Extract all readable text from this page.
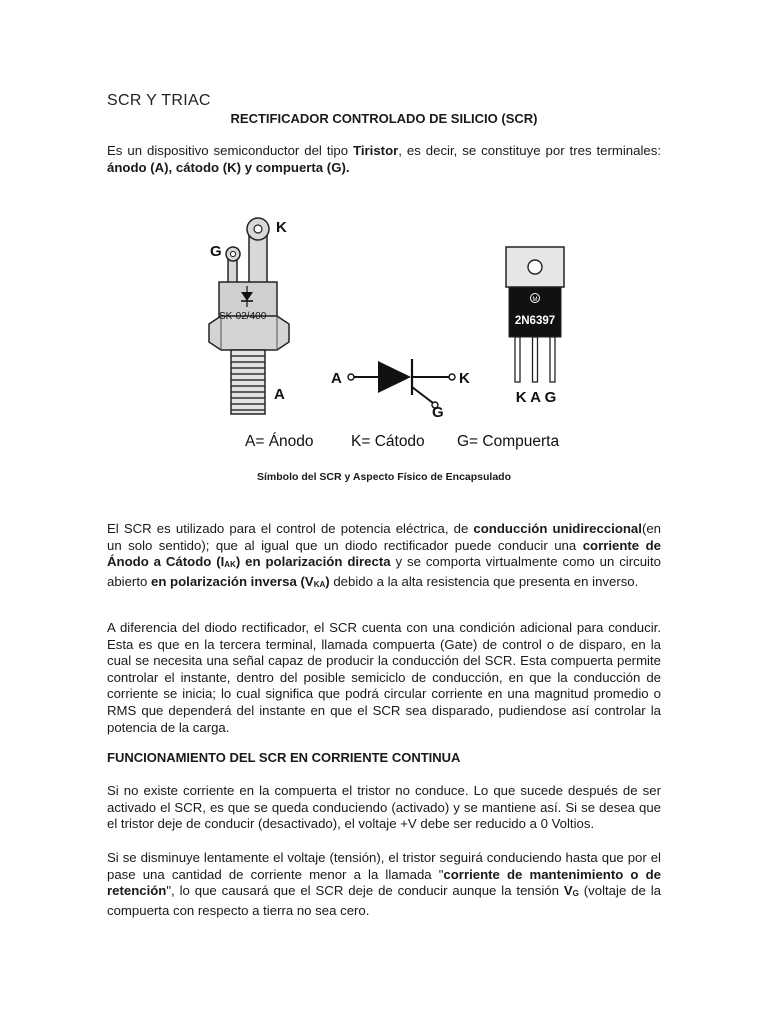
SCR Y TRIAC
RECTIFICADOR CONTROLADO DE SILICIO (SCR)

Es un dispositivo semiconductor del tipo Tiristor, es decir, se constituye por tres terminales: ánodo (A), cátodo (K) y compuerta (G).

SK-02/400
K
G
A
A	K
G
M
2N6397
K A G
A= Ánodo K= Cátodo G= Compuerta
Símbolo del SCR y Aspecto Físico de Encapsulado

El SCR es utilizado para el control de potencia eléctrica, de conducción unidireccional(en un solo sentido); que al igual que un diodo rectificador puede conducir una corriente de Ánodo a Cátodo $(I_{AK})$ en polarización directa y se comporta virtualmente como un circuito abierto en polarización inversa $(V_{KA})$ debido a la alta resistencia que presenta en inverso.

A diferencia del diodo rectificador, el SCR cuenta con una condición adicional para conducir. Esta es que en la tercera terminal, llamada compuerta (Gate) de control o de disparo, en la cual se necesita una señal capaz de producir la conducción del SCR. Esta compuerta permite controlar el instante, dentro del posible semiciclo de conducción, en que la conducción de corriente se inicia; lo cual significa que podrá circular corriente en una magnitud promedio o RMS que dependerá del instante en que el SCR sea disparado, pudiendose así controlar la potencia de la carga.

FUNCIONAMIENTO DEL SCR EN CORRIENTE CONTINUA

Si no existe corriente en la compuerta el tristor no conduce. Lo que sucede después de ser activado el SCR, es que se queda conduciendo (activado) y se mantiene así. Si se desea que el tristor deje de conducir (desactivado), el voltaje +V debe ser reducido a 0 Voltios.

Si se disminuye lentamente el voltaje (tensión), el tristor seguirá conduciendo hasta que por el pase una cantidad de corriente menor a la llamada "corriente de mantenimiento o de retención", lo que causará que el SCR deje de conducir aunque la tensión $V_G$ (voltaje de la compuerta con respecto a tierra no sea cero.
